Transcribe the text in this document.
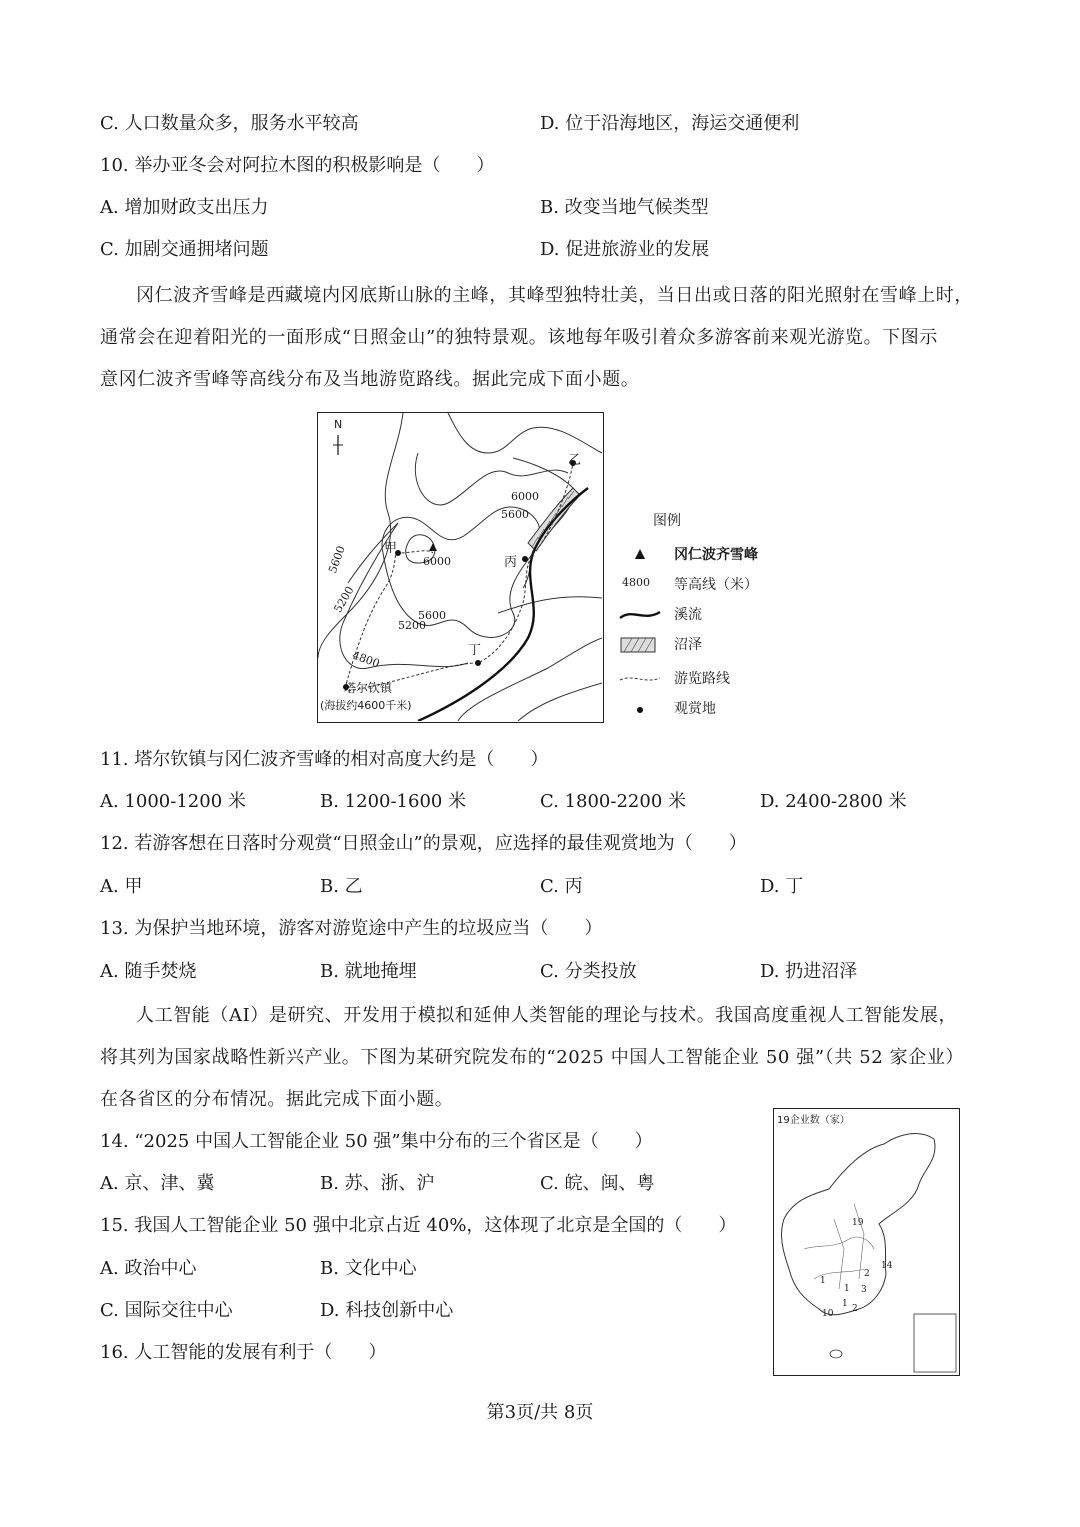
C. 人口数量众多，服务水平较高	D. 位于沿海地区，海运交通便利
10. 举办亚冬会对阿拉木图的积极影响是（　　）
A. 增加财政支出压力	B. 改变当地气候类型
C. 加剧交通拥堵问题	D. 促进旅游业的发展

冈仁波齐雪峰是西藏境内冈底斯山脉的主峰，其峰型独特壮美，当日出或日落的阳光照射在雪峰上时，

通常会在迎着阳光的一面形成“日照金山”的独特景观。该地每年吸引着众多游客前来观光游览。下图示

意冈仁波齐雪峰等高线分布及当地游览路线。据此完成下面小题。

N
6000
5600
5600
5200
6000
5600
5200
4800
甲
乙
丙
丁
塔尔钦镇
(海拔约4600千米)
图例
冈仁波齐雪峰
4800 等高线（米）
溪流
沼泽
游览路线
观赏地
11. 塔尔钦镇与冈仁波齐雪峰的相对高度大约是（　　）
A. 1000-1200 米	B. 1200-1600 米	C. 1800-2200 米	D. 2400-2800 米
12. 若游客想在日落时分观赏“日照金山”的景观，应选择的最佳观赏地为（　　）
A. 甲	B. 乙	C. 丙	D. 丁
13. 为保护当地环境，游客对游览途中产生的垃圾应当（　　）
A. 随手焚烧	B. 就地掩埋	C. 分类投放	D. 扔进沼泽

人工智能（AI）是研究、开发用于模拟和延伸人类智能的理论与技术。我国高度重视人工智能发展，

将其列为国家战略性新兴产业。下图为某研究院发布的“2025 中国人工智能企业 50 强”（共 52 家企业）

在各省区的分布情况。据此完成下面小题。

19企业数（家）
19
14
2
1
3
1
10
1 2
14. “2025 中国人工智能企业 50 强”集中分布的三个省区是（　　）
A. 京、津、冀	B. 苏、浙、沪	C. 皖、闽、粤
15. 我国人工智能企业 50 强中北京占近 40%，这体现了北京是全国的（　　）
A. 政治中心	B. 文化中心
C. 国际交往中心	D. 科技创新中心
16. 人工智能的发展有利于（　　）
第3页/共 8页
